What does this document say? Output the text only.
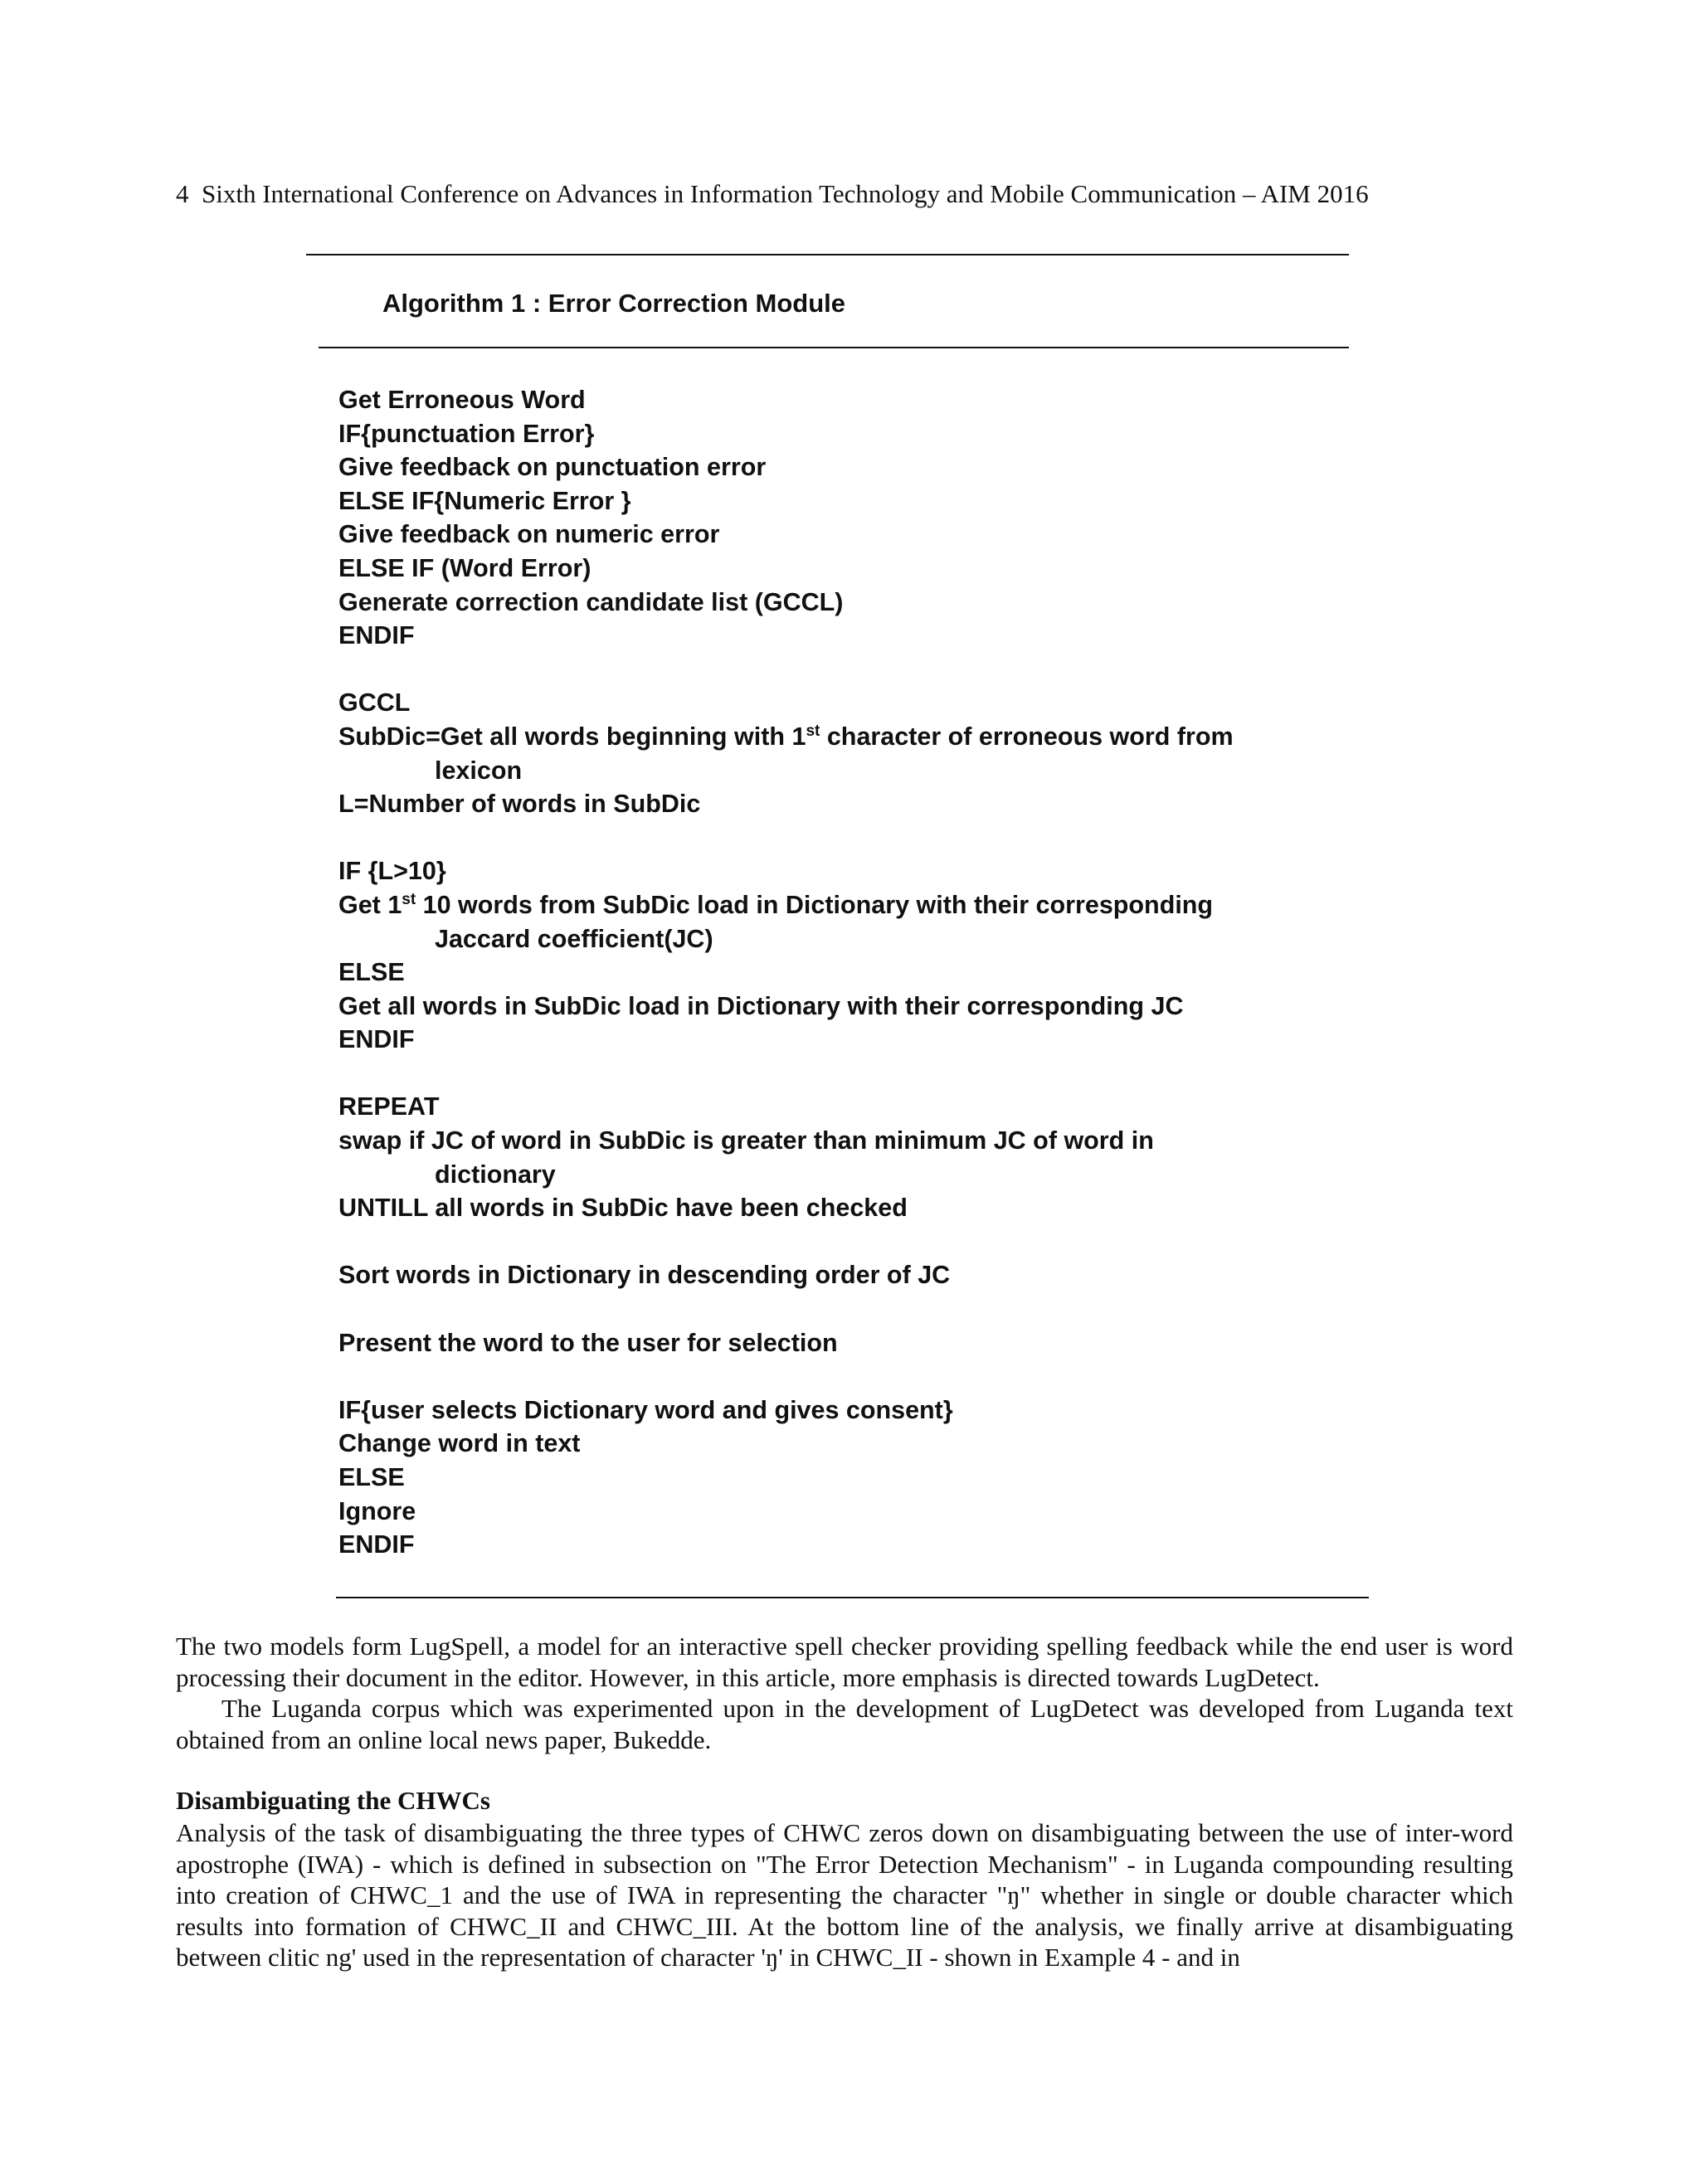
4 Sixth International Conference on Advances in Information Technology and Mobile Communication – AIM 2016
Algorithm 1 : Error Correction Module
Get Erroneous Word
IF{punctuation Error}
Give feedback on punctuation error
ELSE IF{Numeric Error }
Give feedback on numeric error
ELSE IF (Word Error)
Generate correction candidate list (GCCL)
ENDIF
GCCL
SubDic=Get all words beginning with 1st character of erroneous word from
lexicon
L=Number of words in SubDic
IF {L>10}
Get 1st 10 words from SubDic load in Dictionary with their corresponding
Jaccard coefficient(JC)
ELSE
Get all words in SubDic load in Dictionary with their corresponding JC
ENDIF
REPEAT
swap if JC of word in SubDic is greater than minimum JC of word in
dictionary
UNTILL all words in SubDic have been checked
Sort words in Dictionary in descending order of JC
Present the word to the user for selection
IF{user selects Dictionary word and gives consent}
Change word in text
ELSE
Ignore
ENDIF

The two models form LugSpell, a model for an interactive spell checker providing spelling feedback while the end user is word processing their document in the editor. However, in this article, more emphasis is directed towards LugDetect.

The Luganda corpus which was experimented upon in the development of LugDetect was developed from Luganda text obtained from an online local news paper, Bukedde.

Disambiguating the CHWCs

Analysis of the task of disambiguating the three types of CHWC zeros down on disambiguating between the use of inter-word apostrophe (IWA) - which is defined in subsection on "The Error Detection Mechanism" - in Luganda compounding resulting into creation of CHWC_1 and the use of IWA in representing the character "ŋ" whether in single or double character which results into formation of CHWC_II and CHWC_III. At the bottom line of the analysis, we finally arrive at disambiguating between clitic ng' used in the representation of character 'ŋ' in CHWC_II - shown in Example 4 - and in
